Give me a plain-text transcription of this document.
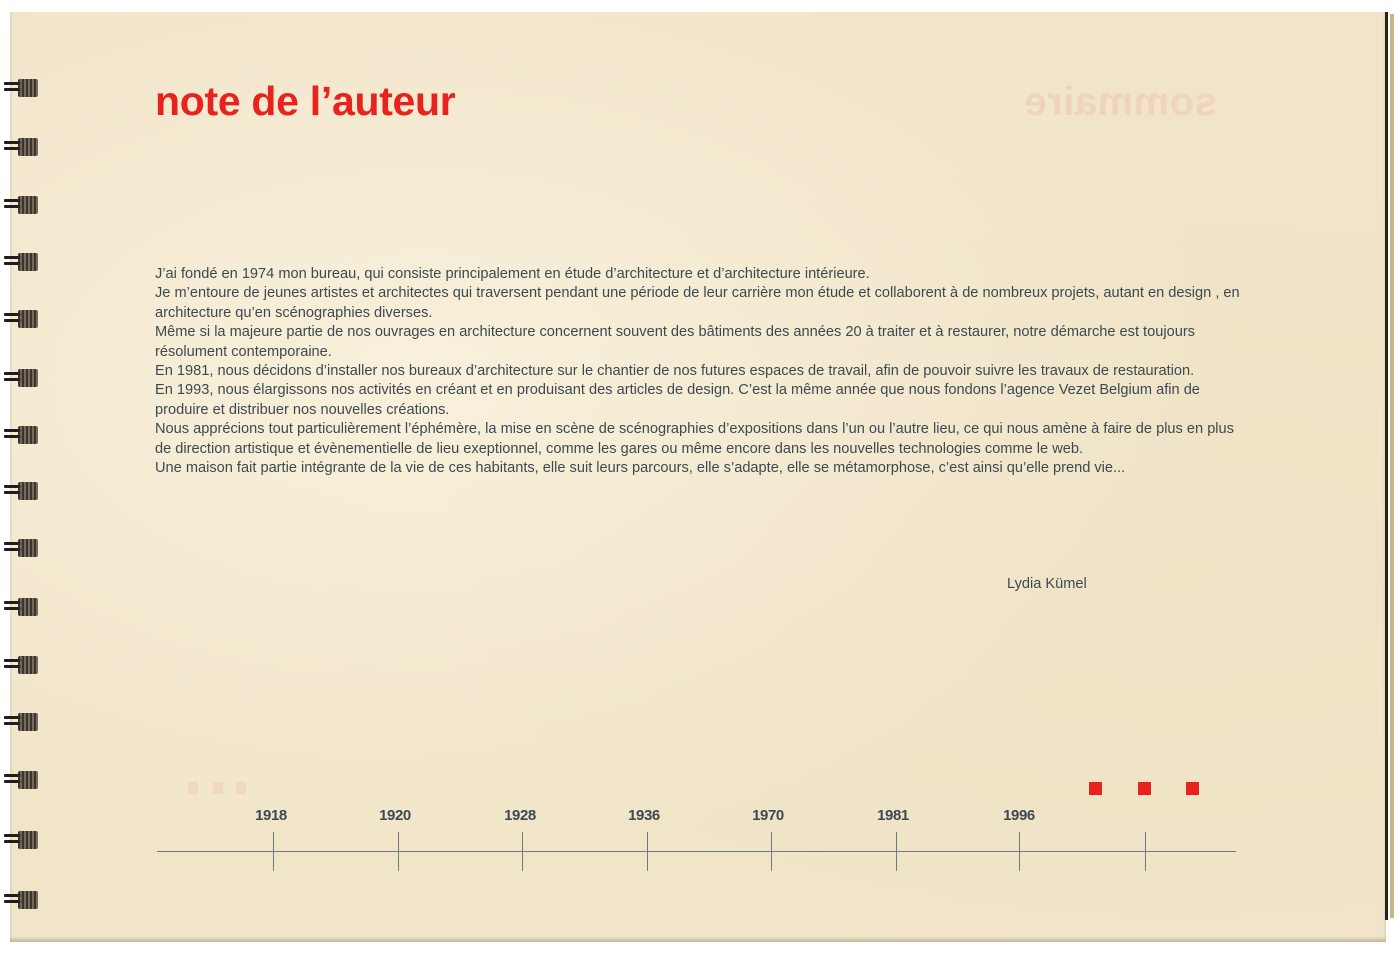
sommaire
note de l’auteur

J’ai fondé en 1974 mon bureau, qui consiste principalement en étude d’architecture et d’architecture intérieure.

Je m’entoure de jeunes artistes et architectes qui traversent pendant une période de leur carrière mon étude et collaborent à de nombreux projets, autant en design , en architecture qu’en scénographies diverses.

Même si la majeure partie de nos ouvrages en architecture concernent souvent des bâtiments des années 20 à traiter et à restaurer, notre démarche est toujours résolument contemporaine.

En 1981, nous décidons d’installer nos bureaux d’architecture sur le chantier de nos futures espaces de travail, afin de pouvoir suivre les travaux de restauration.

En 1993, nous élargissons nos activités en créant et en produisant des articles de design. C’est la même année que nous fondons l’agence Vezet Belgium afin de produire et distribuer nos nouvelles créations.

Nous apprécions tout particulièrement l’éphémère, la mise en scène de scénographies d’expositions dans l’un ou l’autre lieu, ce qui nous amène à faire de plus en plus de direction artistique et évènementielle de lieu exeptionnel, comme les gares ou même encore dans les nouvelles technologies comme le web.

Une maison fait partie intégrante de la vie de ces habitants, elle suit leurs parcours, elle s’adapte, elle se métamorphose, c’est ainsi qu’elle prend vie...

Lydia Kümel
1918	1920	1928	1936	1970	1981	1996
